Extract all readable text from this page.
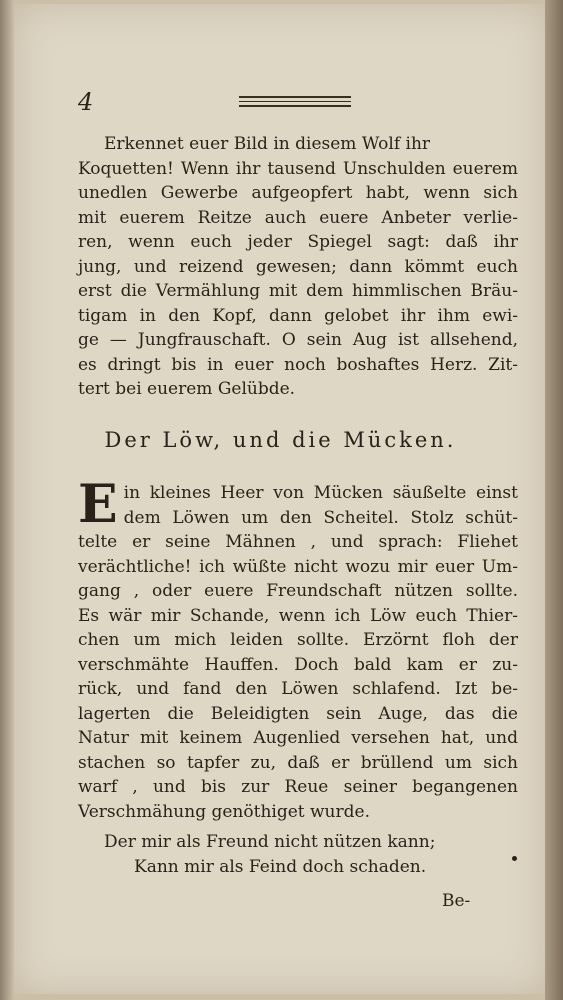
4
Erkennet euer Bild in diesem Wolf ihr
Koquetten! Wenn ihr tausend Unschulden euerem
unedlen Gewerbe aufgeopfert habt, wenn sich
mit euerem Reitze auch euere Anbeter verlie-
ren, wenn euch jeder Spiegel sagt: daß ihr
jung, und reizend gewesen; dann kömmt euch
erst die Vermählung mit dem himmlischen Bräu-
tigam in den Kopf, dann gelobet ihr ihm ewi-
ge — Jungfrauschaft. O sein Aug ist allsehend,
es dringt bis in euer noch boshaftes Herz. Zit-
tert bei euerem Gelübde.
Der Löw, und die Mücken.
E in kleines Heer von Mücken säußelte einst
dem Löwen um den Scheitel. Stolz schüt-
telte er seine Mähnen , und sprach: Fliehet
verächtliche! ich wüßte nicht wozu mir euer Um-
gang , oder euere Freundschaft nützen sollte.
Es wär mir Schande, wenn ich Löw euch Thier-
chen um mich leiden sollte. Erzörnt floh der
verschmähte Hauffen. Doch bald kam er zu-
rück, und fand den Löwen schlafend. Izt be-
lagerten die Beleidigten sein Auge, das die
Natur mit keinem Augenlied versehen hat, und
stachen so tapfer zu, daß er brüllend um sich
warf , und bis zur Reue seiner begangenen
Verschmähung genöthiget wurde.
Der mir als Freund nicht nützen kann;
Kann mir als Feind doch schaden.
Be-
